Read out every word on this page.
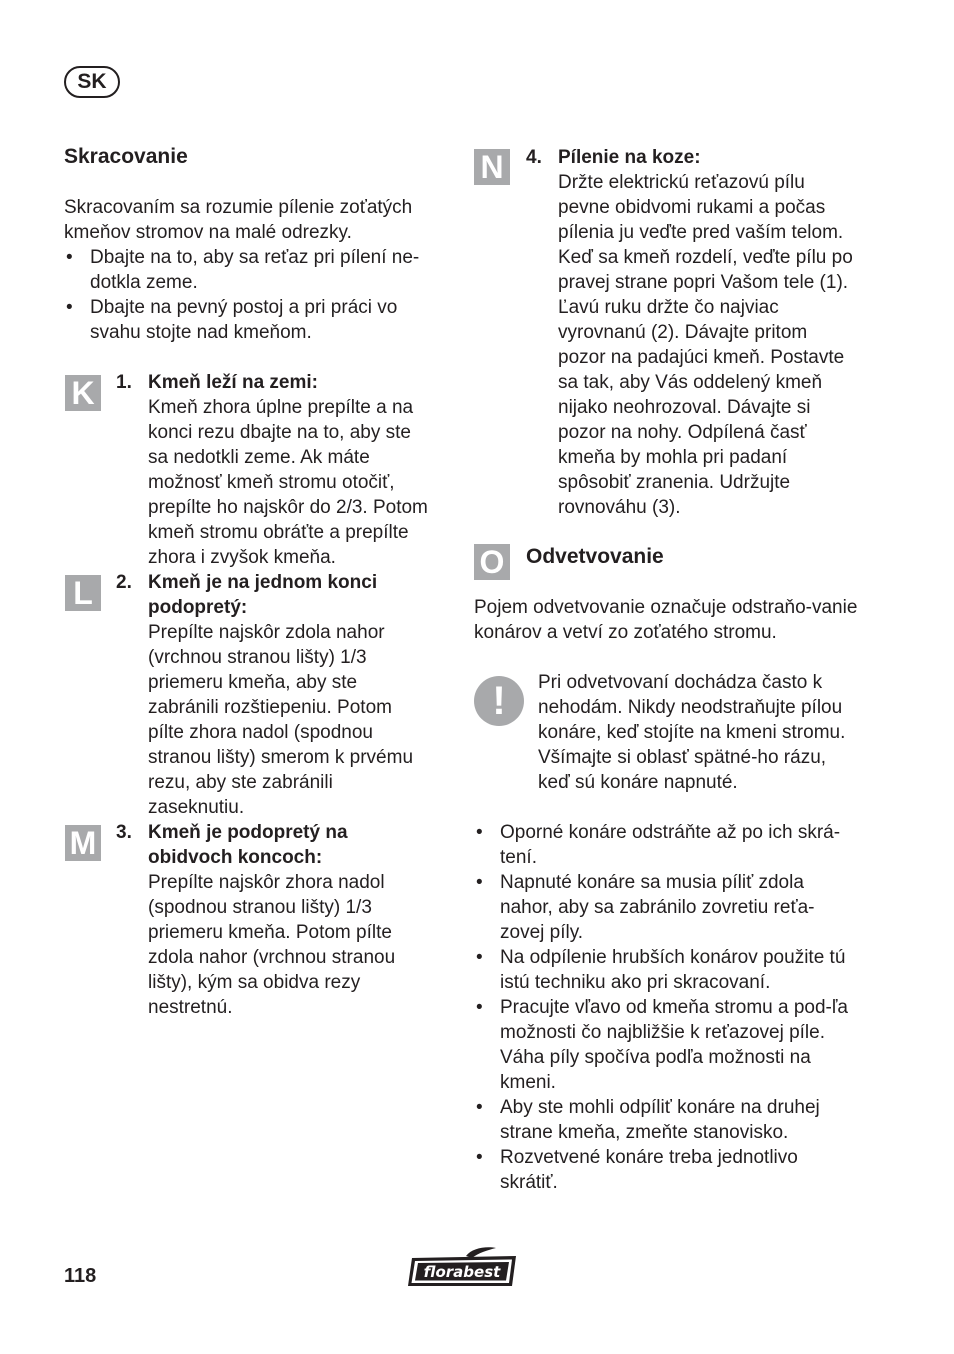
SK
Skracovanie
Skracovaním sa rozumie pílenie zoťatých kmeňov stromov na malé odrezky.
• Dbajte na to, aby sa reťaz pri pílení ne-dotkla zeme.
• Dbajte na pevný postoj a pri práci vo svahu stojte nad kmeňom.
K	1. Kmeň leží na zemi:
Kmeň zhora úplne prepílte a na konci rezu dbajte na to, aby ste sa nedotkli zeme. Ak máte možnosť kmeň stromu otočiť, prepílte ho najskôr do 2/3. Potom kmeň stromu obráťte a prepílte zhora i zvyšok kmeňa.
L	2. Kmeň je na jednom konci podopretý:
Prepílte najskôr zdola nahor (vrchnou stranou lišty) 1/3 priemeru kmeňa, aby ste zabránili rozštiepeniu. Potom pílte zhora nadol (spodnou stranou lišty) smerom k prvému rezu, aby ste zabránili zaseknutiu.
M 3. Kmeň je podopretý na obidvoch koncoch:
Prepílte najskôr zhora nadol (spodnou stranou lišty) 1/3 priemeru kmeňa. Potom pílte zdola nahor (vrchnou stranou lišty), kým sa obidva rezy nestretnú.
N	4. Pílenie na koze:
Držte elektrickú reťazovú pílu pevne obidvomi rukami a počas pílenia ju veďte pred vaším telom. Keď sa kmeň rozdelí, veďte pílu po pravej strane popri Vašom tele (1). Ľavú ruku držte čo najviac vyrovnanú (2). Dávajte pritom pozor na padajúci kmeň. Postavte sa tak, aby Vás oddelený kmeň nijako neohrozoval. Dávajte si pozor na nohy. Odpílená časť kmeňa by mohla pri padaní spôsobiť zranenia. Udržujte rovnováhu (3).
O Odvetvovanie
Pojem odvetvovanie označuje odstraňo-vanie konárov a vetví zo zoťatého stromu.
!	Pri odvetvovaní dochádza často k nehodám. Nikdy neodstraňujte pílou konáre, keď stojíte na kmeni stromu. Všímajte si oblasť spätné-ho rázu, keď sú konáre napnuté.
• Oporné konáre odstráňte až po ich skrá-tení.
• Napnuté konáre sa musia píliť zdola nahor, aby sa zabránilo zovretiu reťa-zovej píly.
• Na odpílenie hrubších konárov použite tú istú techniku ako pri skracovaní.
• Pracujte vľavo od kmeňa stromu a pod-ľa možnosti čo najbližšie k reťazovej píle. Váha píly spočíva podľa možnosti na kmeni.
• Aby ste mohli odpíliť konáre na druhej strane kmeňa, zmeňte stanovisko.
• Rozvetvené konáre treba jednotlivo skrátiť.
118	florabest
